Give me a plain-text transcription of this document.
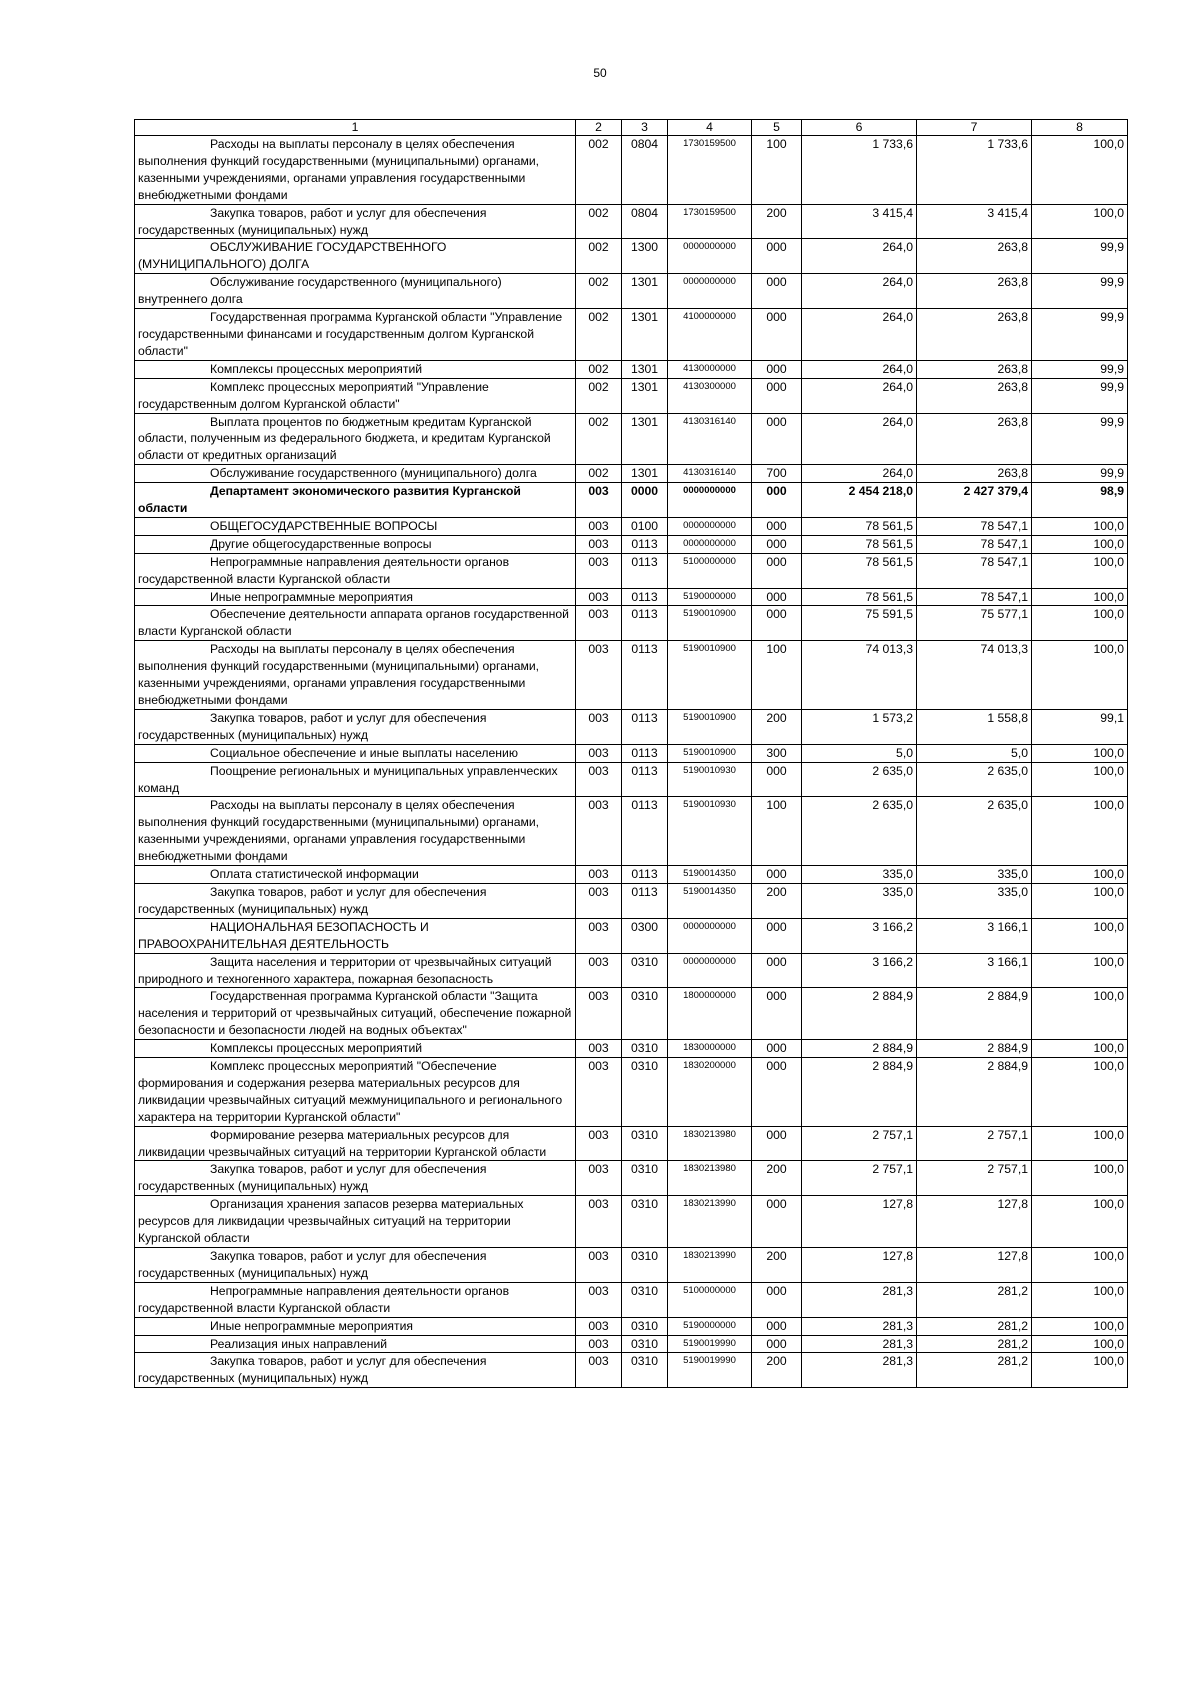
50
1	2	3	4	5	6	7	8
Расходы на выплаты персоналу в целях обеспечения выполнения функций государственными (муниципальными) органами, казенными учреждениями, органами управления государственными внебюджетными фондами	002	0804	1730159500	100	1 733,6	1 733,6	100,0
Закупка товаров, работ и услуг для обеспечения государственных (муниципальных) нужд	002	0804	1730159500	200	3 415,4	3 415,4	100,0
ОБСЛУЖИВАНИЕ ГОСУДАРСТВЕННОГО (МУНИЦИПАЛЬНОГО) ДОЛГА	002	1300	0000000000	000	264,0	263,8	99,9
Обслуживание государственного (муниципального) внутреннего долга	002	1301	0000000000	000	264,0	263,8	99,9
Государственная программа Курганской области "Управление государственными финансами и государственным долгом Курганской области"	002	1301	4100000000	000	264,0	263,8	99,9
Комплексы процессных мероприятий	002	1301	4130000000	000	264,0	263,8	99,9
Комплекс процессных мероприятий "Управление государственным долгом Курганской области"	002	1301	4130300000	000	264,0	263,8	99,9
Выплата процентов по бюджетным кредитам Курганской области, полученным из федерального бюджета, и кредитам Курганской области от кредитных организаций	002	1301	4130316140	000	264,0	263,8	99,9
Обслуживание государственного (муниципального) долга	002	1301	4130316140	700	264,0	263,8	99,9
Департамент экономического развития Курганской области	003	0000	0000000000	000	2 454 218,0	2 427 379,4	98,9
ОБЩЕГОСУДАРСТВЕННЫЕ ВОПРОСЫ	003	0100	0000000000	000	78 561,5	78 547,1	100,0
Другие общегосударственные вопросы	003	0113	0000000000	000	78 561,5	78 547,1	100,0
Непрограммные направления деятельности органов государственной власти Курганской области	003	0113	5100000000	000	78 561,5	78 547,1	100,0
Иные непрограммные мероприятия	003	0113	5190000000	000	78 561,5	78 547,1	100,0
Обеспечение деятельности аппарата органов государственной власти Курганской области	003	0113	5190010900	000	75 591,5	75 577,1	100,0
Расходы на выплаты персоналу в целях обеспечения выполнения функций государственными (муниципальными) органами, казенными учреждениями, органами управления государственными внебюджетными фондами	003	0113	5190010900	100	74 013,3	74 013,3	100,0
Закупка товаров, работ и услуг для обеспечения государственных (муниципальных) нужд	003	0113	5190010900	200	1 573,2	1 558,8	99,1
Социальное обеспечение и иные выплаты населению	003	0113	5190010900	300	5,0	5,0	100,0
Поощрение региональных и муниципальных управленческих команд	003	0113	5190010930	000	2 635,0	2 635,0	100,0
Расходы на выплаты персоналу в целях обеспечения выполнения функций государственными (муниципальными) органами, казенными учреждениями, органами управления государственными внебюджетными фондами	003	0113	5190010930	100	2 635,0	2 635,0	100,0
Оплата статистической информации	003	0113	5190014350	000	335,0	335,0	100,0
Закупка товаров, работ и услуг для обеспечения государственных (муниципальных) нужд	003	0113	5190014350	200	335,0	335,0	100,0
НАЦИОНАЛЬНАЯ БЕЗОПАСНОСТЬ И ПРАВООХРАНИТЕЛЬНАЯ ДЕЯТЕЛЬНОСТЬ	003	0300	0000000000	000	3 166,2	3 166,1	100,0
Защита населения и территории от чрезвычайных ситуаций природного и техногенного характера, пожарная безопасность	003	0310	0000000000	000	3 166,2	3 166,1	100,0
Государственная программа Курганской области "Защита населения и территорий от чрезвычайных ситуаций, обеспечение пожарной безопасности и безопасности людей на водных объектах"	003	0310	1800000000	000	2 884,9	2 884,9	100,0
Комплексы процессных мероприятий	003	0310	1830000000	000	2 884,9	2 884,9	100,0
Комплекс процессных мероприятий "Обеспечение формирования и содержания резерва материальных ресурсов для ликвидации чрезвычайных ситуаций межмуниципального и регионального характера на территории Курганской области"	003	0310	1830200000	000	2 884,9	2 884,9	100,0
Формирование резерва материальных ресурсов для ликвидации чрезвычайных ситуаций на территории Курганской области	003	0310	1830213980	000	2 757,1	2 757,1	100,0
Закупка товаров, работ и услуг для обеспечения государственных (муниципальных) нужд	003	0310	1830213980	200	2 757,1	2 757,1	100,0
Организация хранения запасов резерва материальных ресурсов для ликвидации чрезвычайных ситуаций на территории Курганской области	003	0310	1830213990	000	127,8	127,8	100,0
Закупка товаров, работ и услуг для обеспечения государственных (муниципальных) нужд	003	0310	1830213990	200	127,8	127,8	100,0
Непрограммные направления деятельности органов государственной власти Курганской области	003	0310	5100000000	000	281,3	281,2	100,0
Иные непрограммные мероприятия	003	0310	5190000000	000	281,3	281,2	100,0
Реализация иных направлений	003	0310	5190019990	000	281,3	281,2	100,0
Закупка товаров, работ и услуг для обеспечения государственных (муниципальных) нужд	003	0310	5190019990	200	281,3	281,2	100,0
